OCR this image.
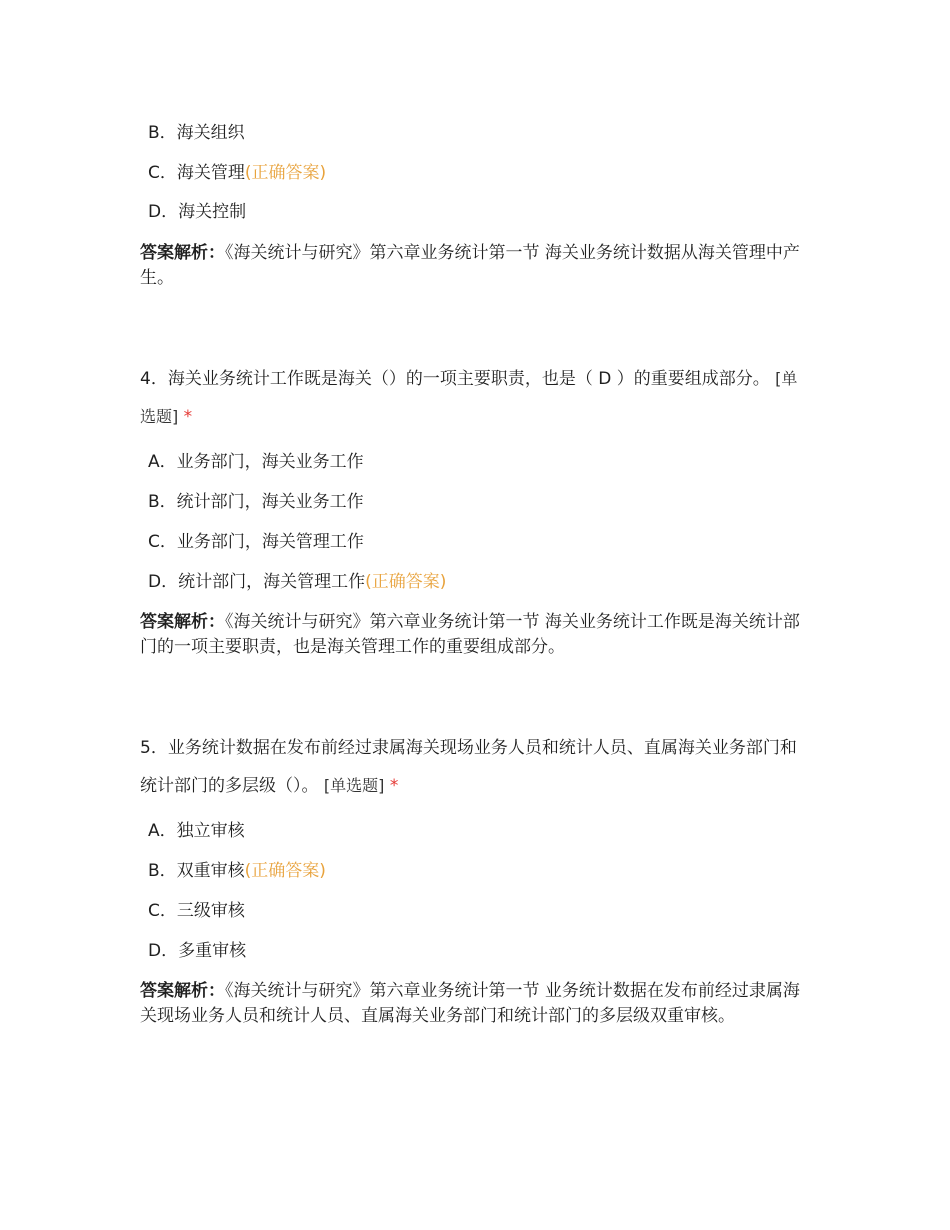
B．海关组织
C．海关管理(正确答案)
D．海关控制
答案解析：《海关统计与研究》第六章业务统计第一节 海关业务统计数据从海关管理中产生。
4．海关业务统计工作既是海关（）的一项主要职责，也是（ D ）的重要组成部分。 [单选题] *
A．业务部门，海关业务工作
B．统计部门，海关业务工作
C．业务部门，海关管理工作
D．统计部门，海关管理工作(正确答案)
答案解析：《海关统计与研究》第六章业务统计第一节 海关业务统计工作既是海关统计部门的一项主要职责，也是海关管理工作的重要组成部分。
5．业务统计数据在发布前经过隶属海关现场业务人员和统计人员、直属海关业务部门和统计部门的多层级（）。 [单选题] *
A．独立审核
B．双重审核(正确答案)
C．三级审核
D．多重审核
答案解析：《海关统计与研究》第六章业务统计第一节 业务统计数据在发布前经过隶属海关现场业务人员和统计人员、直属海关业务部门和统计部门的多层级双重审核。
